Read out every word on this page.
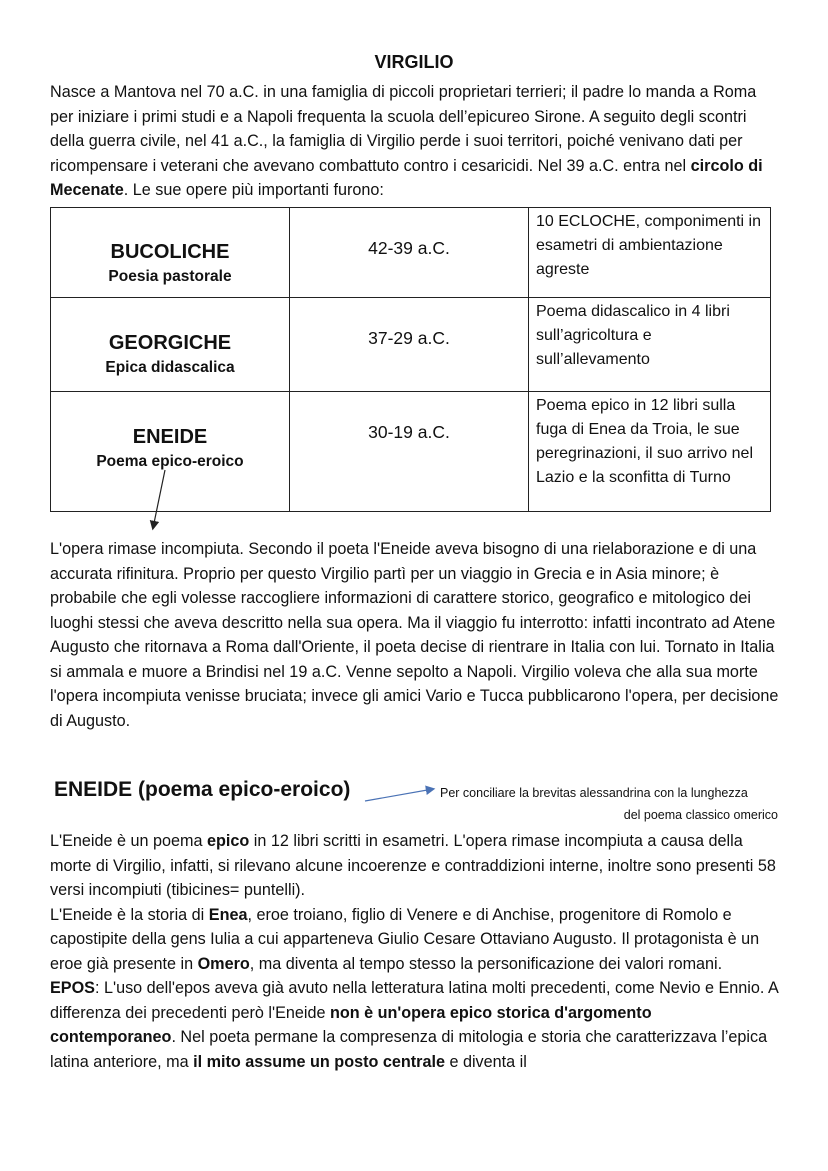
VIRGILIO

Nasce a Mantova nel 70 a.C. in una famiglia di piccoli proprietari terrieri; il padre lo manda a Roma per iniziare i primi studi e a Napoli frequenta la scuola dell’epicureo Sirone. A seguito degli scontri della guerra civile, nel 41 a.C., la famiglia di Virgilio perde i suoi territori, poiché venivano dati per ricompensare i veterani che avevano combattuto contro i cesaricidi. Nel 39 a.C. entra nel circolo di Mecenate. Le sue opere più importanti furono:

BUCOLICHE
Poesia pastorale	42-39 a.C.	10 ECLOCHE, componimenti in esametri di ambientazione agreste

GEORGICHE
Epica didascalica	37-29 a.C.	Poema didascalico in 4 libri sull’agricoltura e sull’allevamento

ENEIDE
Poema epico-eroico	30-19 a.C.	Poema epico in 12 libri sulla fuga di Enea da Troia, le sue peregrinazioni, il suo arrivo nel Lazio e la sconfitta di Turno

L'opera rimase incompiuta. Secondo il poeta l'Eneide aveva bisogno di una rielaborazione e di una accurata rifinitura. Proprio per questo Virgilio partì per un viaggio in Grecia e in Asia minore; è probabile che egli volesse raccogliere informazioni di carattere storico, geografico e mitologico dei luoghi stessi che aveva descritto nella sua opera. Ma il viaggio fu interrotto: infatti incontrato ad Atene Augusto che ritornava a Roma dall'Oriente, il poeta decise di rientrare in Italia con lui. Tornato in Italia si ammala e muore a Brindisi nel 19 a.C. Venne sepolto a Napoli. Virgilio voleva che alla sua morte l'opera incompiuta venisse bruciata; invece gli amici Vario e Tucca pubblicarono l'opera, per decisione di Augusto.

ENEIDE (poema epico-eroico)	Per conciliare la brevitas alessandrina con la lunghezza
del poema classico omerico

L'Eneide è un poema epico in 12 libri scritti in esametri. L'opera rimase incompiuta a causa della morte di Virgilio, infatti, si rilevano alcune incoerenze e contraddizioni interne, inoltre sono presenti 58 versi incompiuti (tibicines= puntelli).

L'Eneide è la storia di Enea, eroe troiano, figlio di Venere e di Anchise, progenitore di Romolo e capostipite della gens Iulia a cui apparteneva Giulio Cesare Ottaviano Augusto. Il protagonista è un eroe già presente in Omero, ma diventa al tempo stesso la personificazione dei valori romani.

EPOS: L'uso dell'epos aveva già avuto nella letteratura latina molti precedenti, come Nevio e Ennio. A differenza dei precedenti però l'Eneide non è un'opera epico storica d'argomento contemporaneo. Nel poeta permane la compresenza di mitologia e storia che caratterizzava l’epica latina anteriore, ma il mito assume un posto centrale e diventa il
